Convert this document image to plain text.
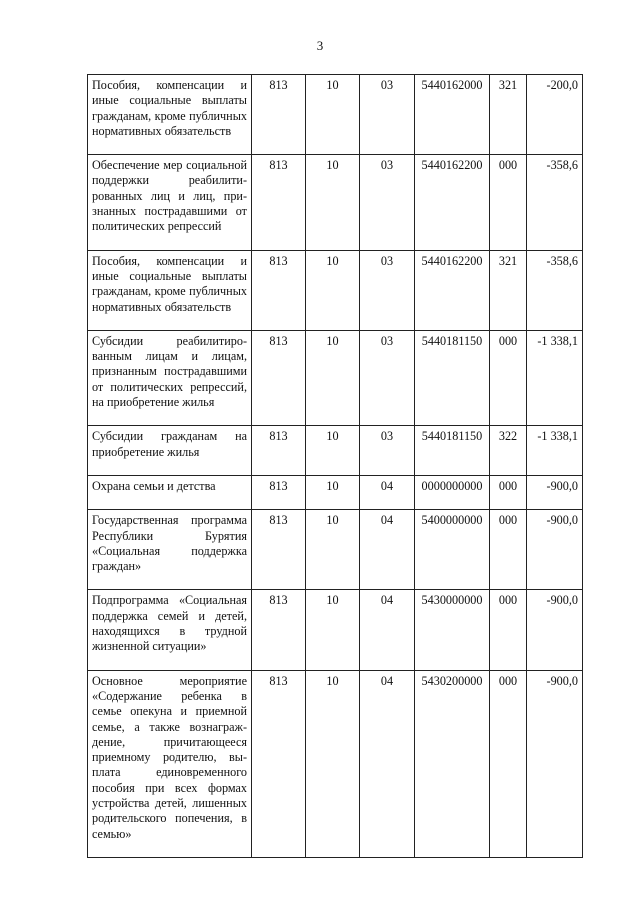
3
Пособия, компенсации и иные социальные выплаты гражданам, кроме публичных нормативных обязательств	813	10	03	5440162000	321	-200,0
Обеспечение мер социальной поддержки реабилитированных лиц и лиц, признанных пострадавшими от политических репрессий	813	10	03	5440162200	000	-358,6
Пособия, компенсации и иные социальные выплаты гражданам, кроме публичных нормативных обязательств	813	10	03	5440162200	321	-358,6
Субсидии реабилитированным лицам и лицам, признанным пострадавшими от политических репрессий, на приобретение жилья	813	10	03	5440181150	000	-1 338,1
Субсидии гражданам на приобретение жилья	813	10	03	5440181150	322	-1 338,1
Охрана семьи и детства	813	10	04	0000000000	000	-900,0
Государственная программа Республики Бурятия «Социальная поддержка граждан»	813	10	04	5400000000	000	-900,0
Подпрограмма «Социальная поддержка семей и детей, находящихся в трудной жизненной ситуации»	813	10	04	5430000000	000	-900,0
Основное мероприятие «Содержание ребенка в семье опекуна и приемной семье, а также вознаграждение, причитающееся приемному родителю, выплата единовременного пособия при всех формах устройства детей, лишенных родительского попечения, в семью»	813	10	04	5430200000	000	-900,0
